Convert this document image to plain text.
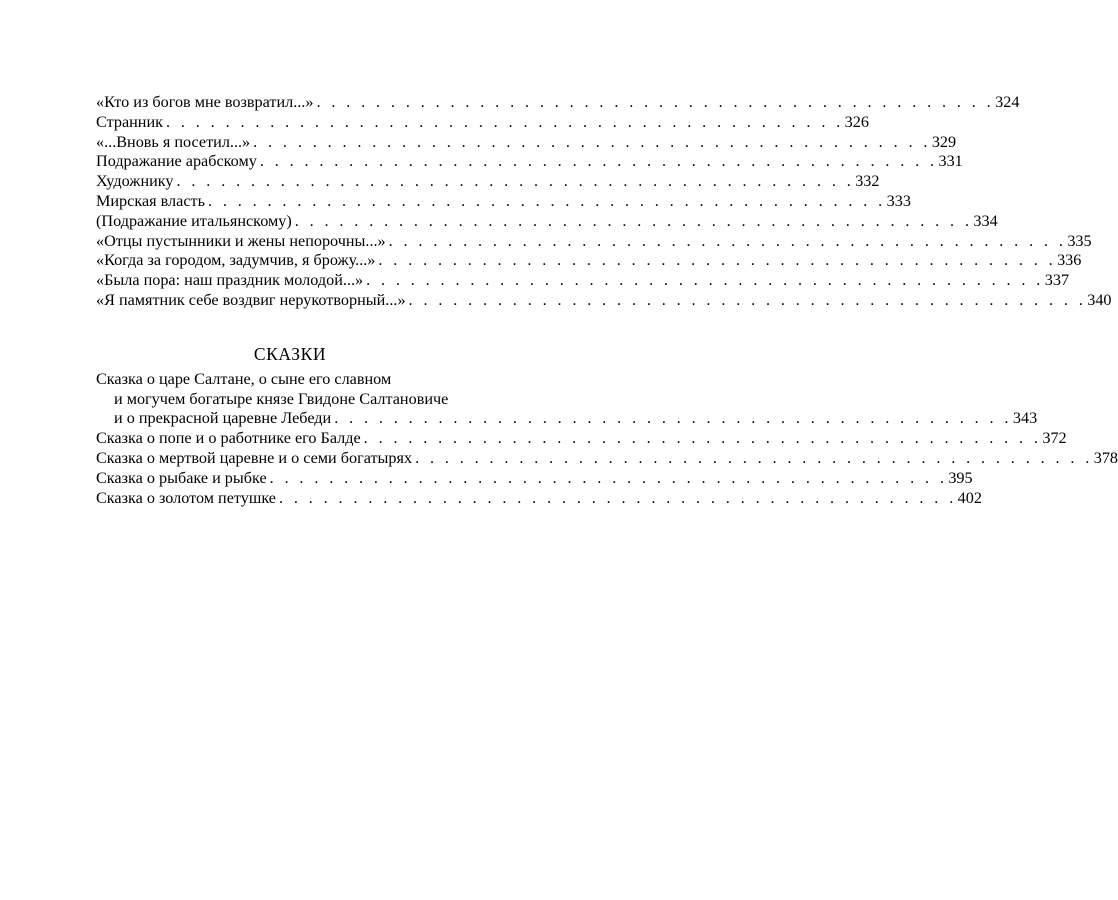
«Кто из богов мне возвратил...» . . . . . . . . . . . . . . . . . . . . . . . . . . . . . . . . . . . . . . . . . . . . . . 324
Странник . . . . . . . . . . . . . . . . . . . . . . . . . . . . . . . . . . . . . . . . . . . . . . 326
«...Вновь я посетил...» . . . . . . . . . . . . . . . . . . . . . . . . . . . . . . . . . . . . . . . . . . . . . . 329
Подражание арабскому . . . . . . . . . . . . . . . . . . . . . . . . . . . . . . . . . . . . . . . . . . . . . . 331
Художнику . . . . . . . . . . . . . . . . . . . . . . . . . . . . . . . . . . . . . . . . . . . . . . 332
Мирская власть . . . . . . . . . . . . . . . . . . . . . . . . . . . . . . . . . . . . . . . . . . . . . . 333
(Подражание итальянскому) . . . . . . . . . . . . . . . . . . . . . . . . . . . . . . . . . . . . . . . . . . . . . . 334
«Отцы пустынники и жены непорочны...» . . . . . . . . . . . . . . . . . . . . . . . . . . . . . . . . . . . . . . . . . . . . . . 335
«Когда за городом, задумчив, я брожу...» . . . . . . . . . . . . . . . . . . . . . . . . . . . . . . . . . . . . . . . . . . . . . . 336
«Была пора: наш праздник молодой...» . . . . . . . . . . . . . . . . . . . . . . . . . . . . . . . . . . . . . . . . . . . . . . 337
«Я памятник себе воздвиг нерукотворный...» . . . . . . . . . . . . . . . . . . . . . . . . . . . . . . . . . . . . . . . . . . . . . . 340
СКАЗКИ
Сказка о царе Салтане, о сыне его славном
и могучем богатыре князе Гвидоне Салтановиче
и о прекрасной царевне Лебеди . . . . . . . . . . . . . . . . . . . . . . . . . . . . . . . . . . . . . . . . . . . . . . 343
Сказка о попе и о работнике его Балде . . . . . . . . . . . . . . . . . . . . . . . . . . . . . . . . . . . . . . . . . . . . . . 372
Сказка о мертвой царевне и о семи богатырях . . . . . . . . . . . . . . . . . . . . . . . . . . . . . . . . . . . . . . . . . . . . . . 378
Сказка о рыбаке и рыбке . . . . . . . . . . . . . . . . . . . . . . . . . . . . . . . . . . . . . . . . . . . . . . 395
Сказка о золотом петушке . . . . . . . . . . . . . . . . . . . . . . . . . . . . . . . . . . . . . . . . . . . . . . 402
